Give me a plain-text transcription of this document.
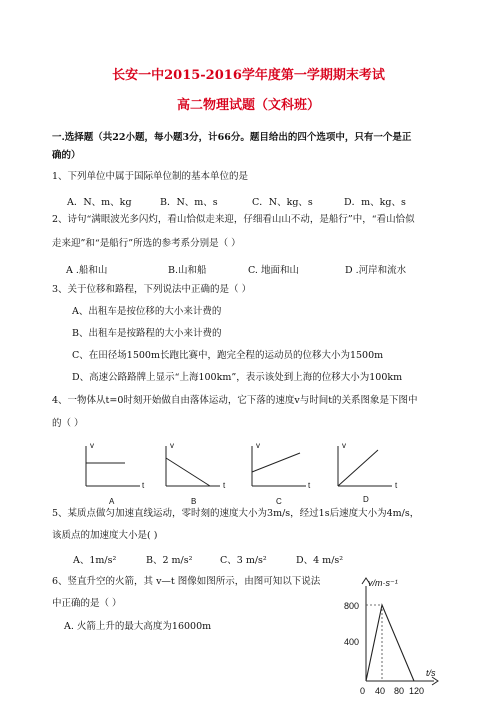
长安一中2015-2016学年度第一学期期末考试
高二物理试题（文科班）
一.选择题（共22小题，每小题3分，计66分。题目给出的四个选项中，只有一个是正
确的）
1、下列单位中属于国际单位制的基本单位的是
A．N、m、kg	B．N、m、s	C．N、kg、s	D．m、kg、s
2、诗句“满眼波光多闪灼，看山恰似走来迎，仔细看山山不动，是船行”中，“看山恰似
走来迎”和“是船行”所选的参考系分别是（ ）
A .船和山	B.山和船	C. 地面和山	D .河岸和流水
3、关于位移和路程，下列说法中正确的是（ ）
A、出租车是按位移的大小来计费的
B、出租车是按路程的大小来计费的
C、在田径场1500m长跑比赛中，跑完全程的运动员的位移大小为1500m
D、高速公路路牌上显示“上海100km”，表示该处到上海的位移大小为100km
4、一物体从t=0时刻开始做自由落体运动，它下落的速度v与时间t的关系图象是下图中
的（ ）
v
t
A
v
t
B
v
t
C
v
t
D
5、某质点做匀加速直线运动，零时刻的速度大小为3m/s，经过1s后速度大小为4m/s，
该质点的加速度大小是( )
A、1m/s²	B、2 m/s²	C、3 m/s²	D、4 m/s²
6、竖直升空的火箭，其 v—t 图像如图所示，由图可知以下说法
中正确的是（ ）
A. 火箭上升的最大高度为16000m
v/m·s⁻¹
800
400
0 40 80 120
t/s
